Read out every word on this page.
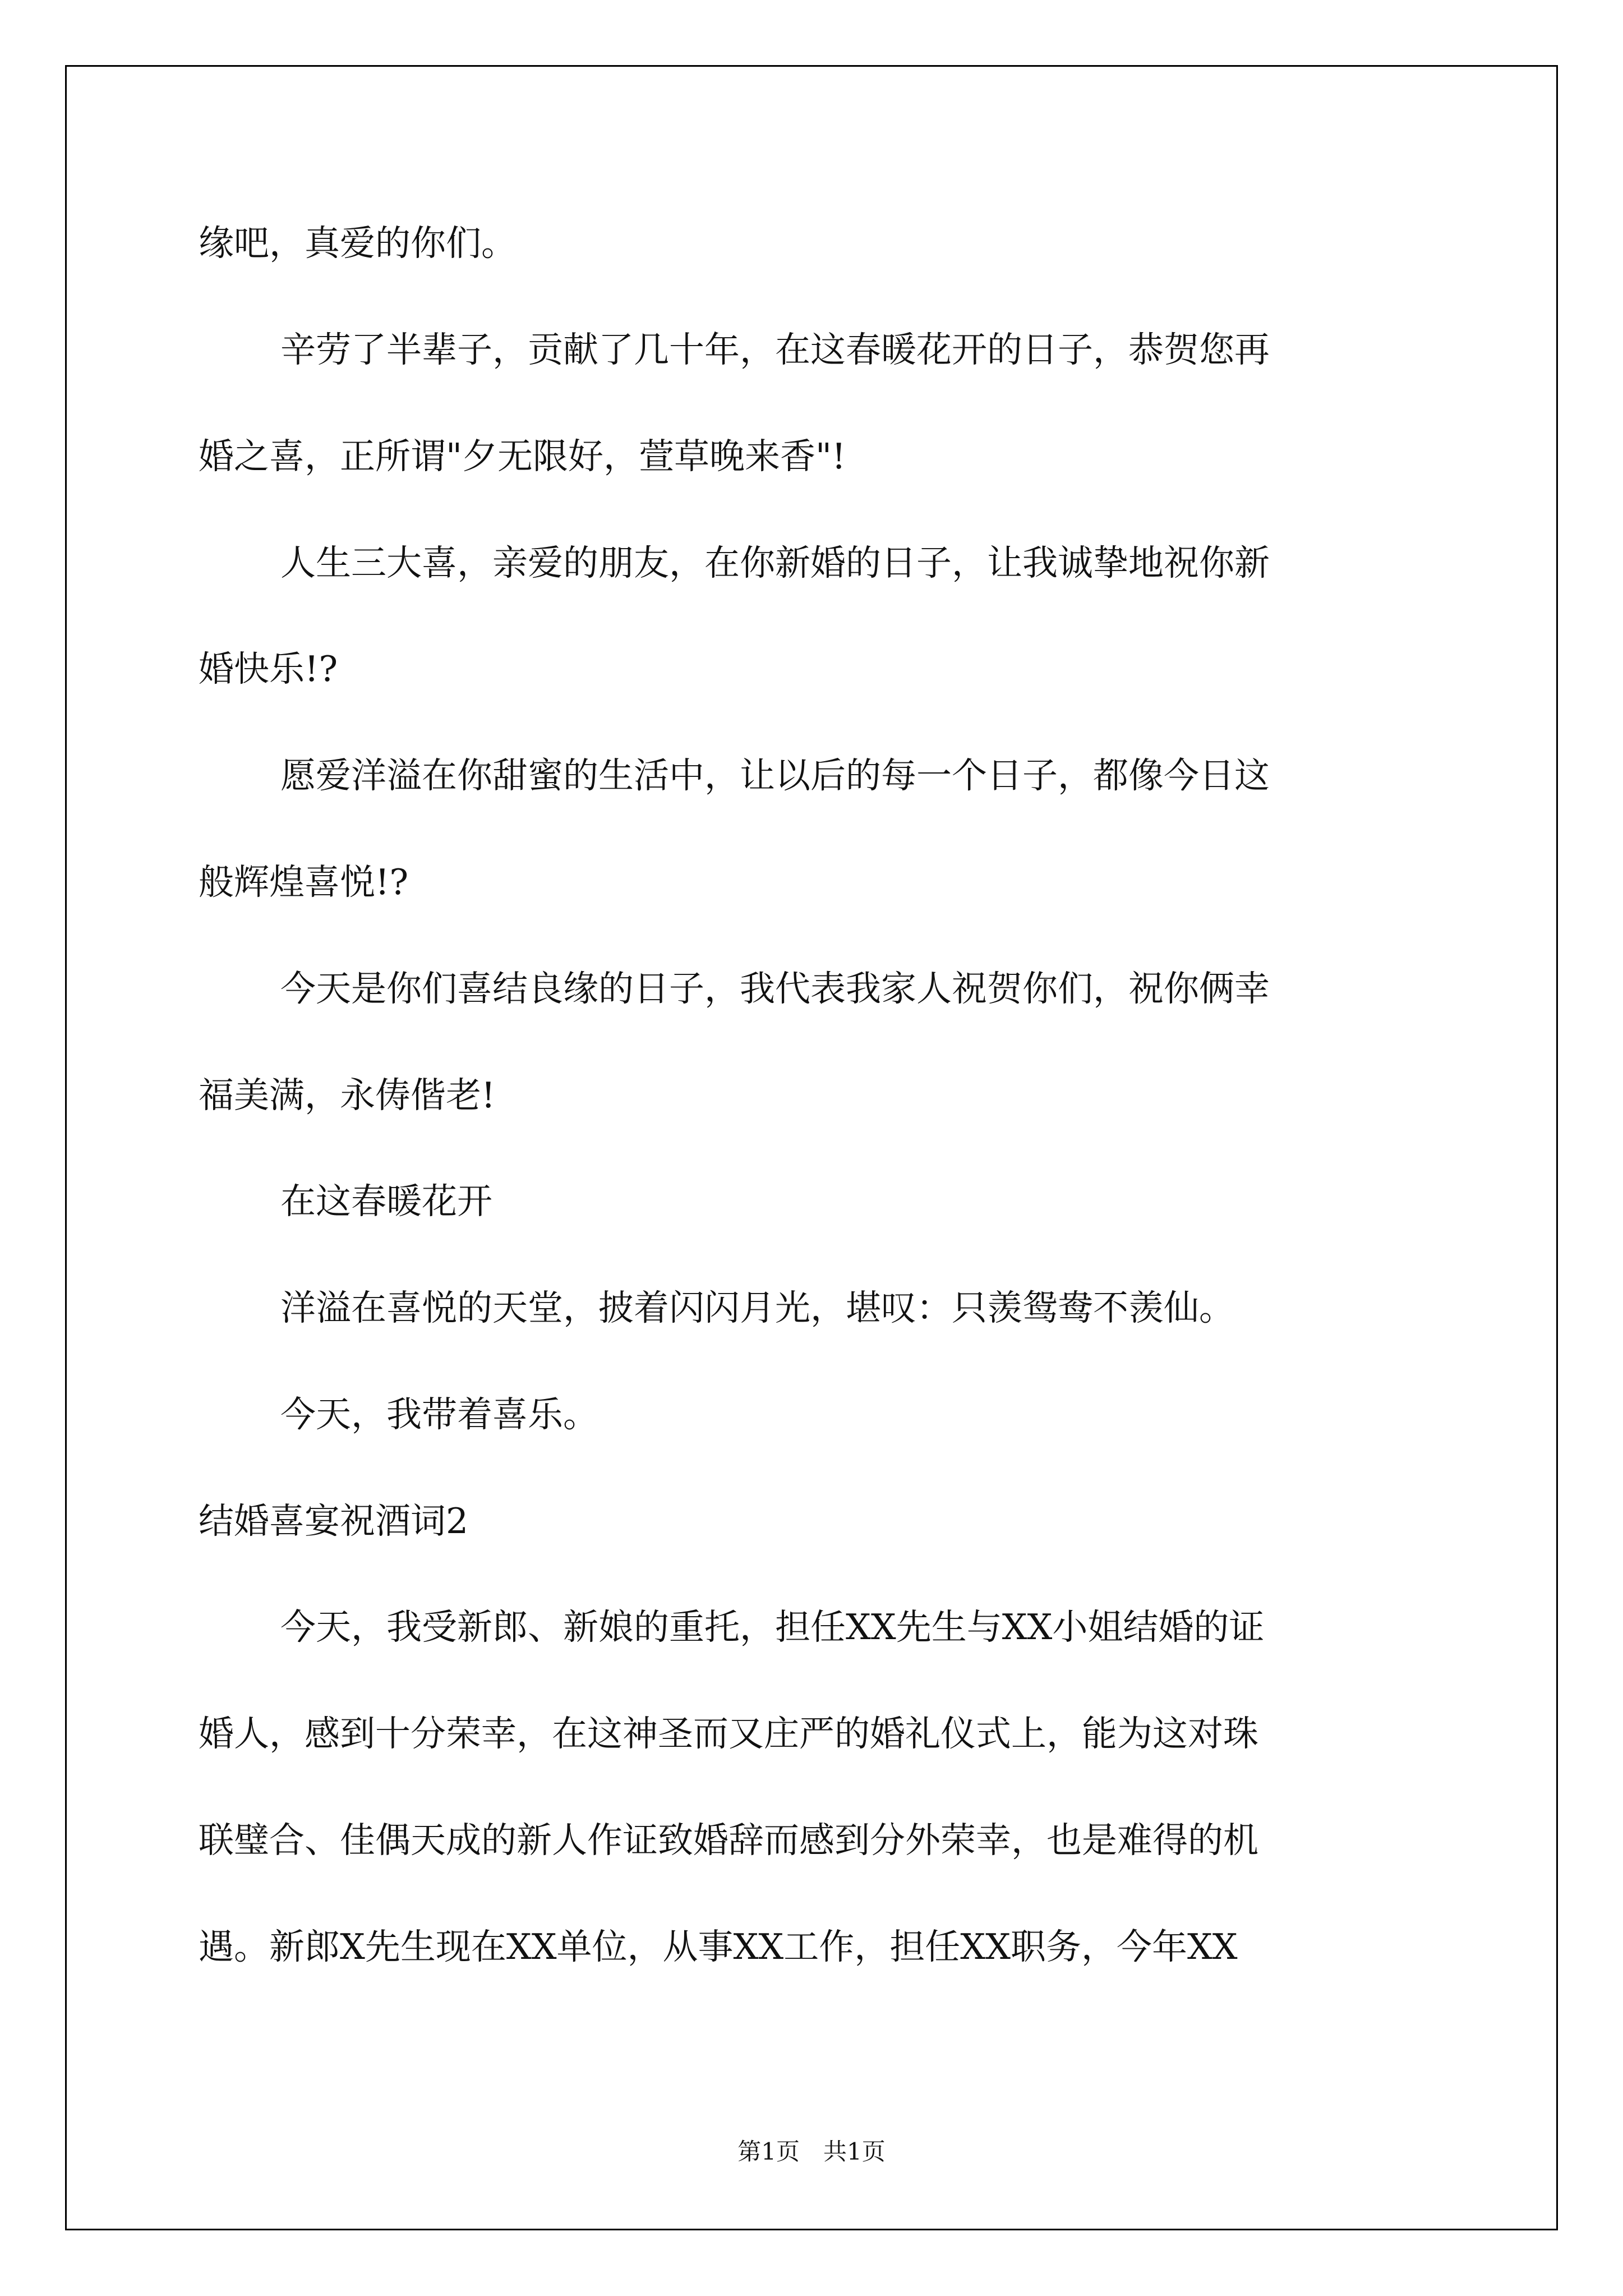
缘吧，真爱的你们。

辛劳了半辈子，贡献了几十年，在这春暖花开的日子，恭贺您再

婚之喜，正所谓"夕无限好，萱草晚来香"!

人生三大喜，亲爱的朋友，在你新婚的日子，让我诚挚地祝你新

婚快乐!?

愿爱洋溢在你甜蜜的生活中，让以后的每一个日子，都像今日这

般辉煌喜悦!?

今天是你们喜结良缘的日子，我代表我家人祝贺你们，祝你俩幸

福美满，永俦偕老!

在这春暖花开

洋溢在喜悦的天堂，披着闪闪月光，堪叹：只羡鸳鸯不羡仙。

今天，我带着喜乐。

结婚喜宴祝酒词2

今天，我受新郎、新娘的重托，担任XX先生与XX小姐结婚的证

婚人，感到十分荣幸，在这神圣而又庄严的婚礼仪式上，能为这对珠

联璧合、佳偶天成的新人作证致婚辞而感到分外荣幸，也是难得的机

遇。新郎X先生现在XX单位，从事XX工作，担任XX职务，今年XX

第1页　共1页
